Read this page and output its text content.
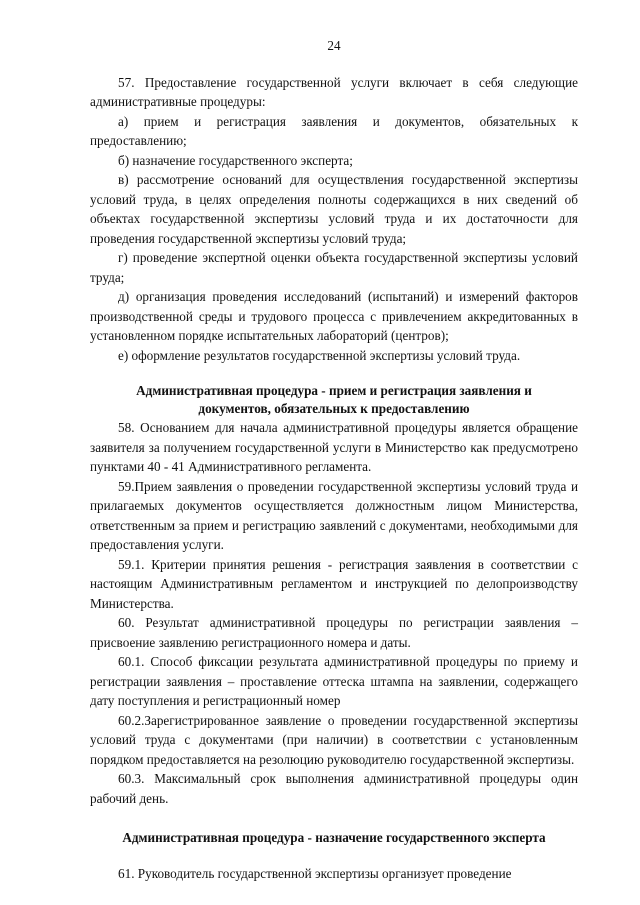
24

57. Предоставление государственной услуги включает в себя следующие административные процедуры:

а) прием и регистрация заявления и документов, обязательных к предоставлению;

б) назначение государственного эксперта;

в) рассмотрение оснований для осуществления государственной экспертизы условий труда, в целях определения полноты содержащихся в них сведений об объектах государственной экспертизы условий труда и их достаточности для проведения государственной экспертизы условий труда;

г) проведение экспертной оценки объекта государственной экспертизы условий труда;

д) организация проведения исследований (испытаний) и измерений факторов производственной среды и трудового процесса с привлечением аккредитованных в установленном порядке испытательных лабораторий (центров);

е) оформление результатов государственной экспертизы условий труда.

Административная процедура - прием и регистрация заявления и

документов, обязательных к предоставлению

58. Основанием для начала административной процедуры является обращение заявителя за получением государственной услуги в Министерство как предусмотрено пунктами 40 - 41 Административного регламента.

59.Прием заявления о проведении государственной экспертизы условий труда и прилагаемых документов осуществляется должностным лицом Министерства, ответственным за прием и регистрацию заявлений с документами, необходимыми для предоставления услуги.

59.1. Критерии принятия решения - регистрация заявления в соответствии с настоящим Административным регламентом и инструкцией по делопроизводству Министерства.

60. Результат административной процедуры по регистрации заявления – присвоение заявлению регистрационного номера и даты.

60.1. Способ фиксации результата административной процедуры по приему и регистрации заявления – проставление оттеска штампа на заявлении, содержащего дату поступления и регистрационный номер

60.2.Зарегистрированное заявление о проведении государственной экспертизы условий труда с документами (при наличии) в соответствии с установленным порядком предоставляется на резолюцию руководителю государственной экспертизы.

60.3. Максимальный срок выполнения административной процедуры один рабочий день.

Административная процедура - назначение государственного эксперта

61. Руководитель государственной экспертизы организует проведение
